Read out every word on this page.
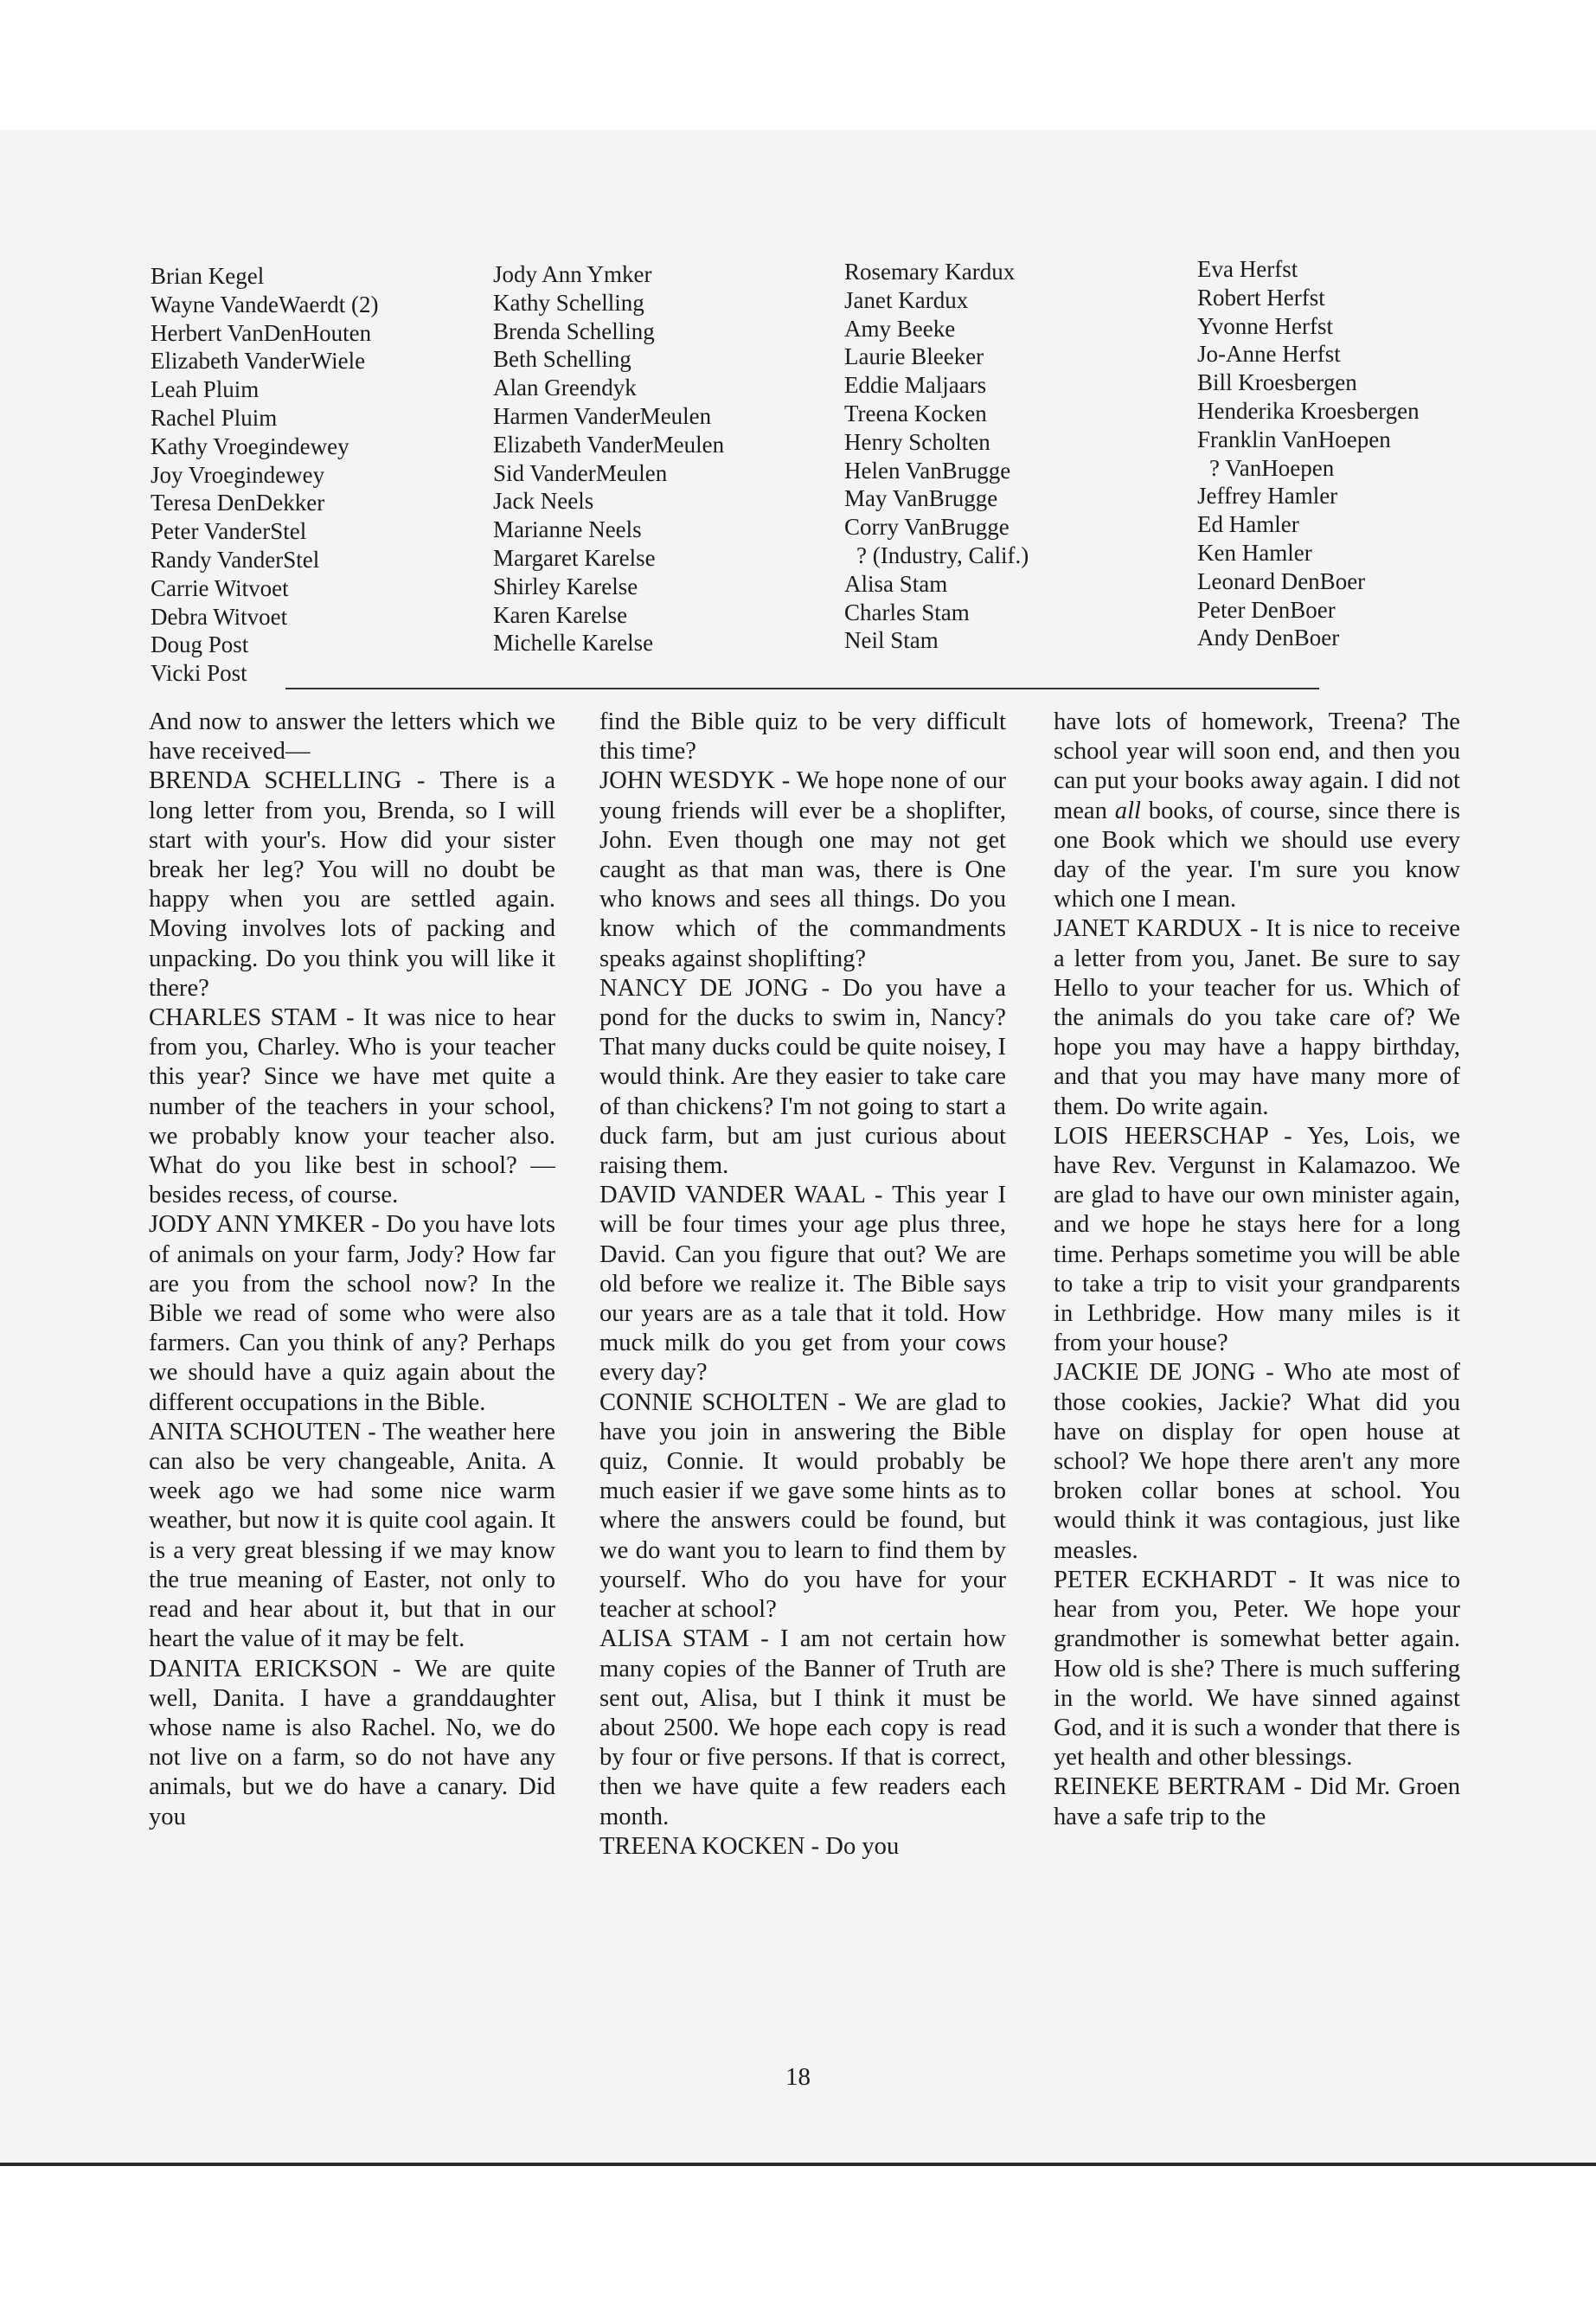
Brian Kegel
Wayne VandeWaerdt (2)
Herbert VanDenHouten
Elizabeth VanderWiele
Leah Pluim
Rachel Pluim
Kathy Vroegindewey
Joy Vroegindewey
Teresa DenDekker
Peter VanderStel
Randy VanderStel
Carrie Witvoet
Debra Witvoet
Doug Post
Vicki Post
Jody Ann Ymker
Kathy Schelling
Brenda Schelling
Beth Schelling
Alan Greendyk
Harmen VanderMeulen
Elizabeth VanderMeulen
Sid VanderMeulen
Jack Neels
Marianne Neels
Margaret Karelse
Shirley Karelse
Karen Karelse
Michelle Karelse
Rosemary Kardux
Janet Kardux
Amy Beeke
Laurie Bleeker
Eddie Maljaars
Treena Kocken
Henry Scholten
Helen VanBrugge
May VanBrugge
Corry VanBrugge
? (Industry, Calif.)
Alisa Stam
Charles Stam
Neil Stam
Eva Herfst
Robert Herfst
Yvonne Herfst
Jo-Anne Herfst
Bill Kroesbergen
Henderika Kroesbergen
Franklin VanHoepen
? VanHoepen
Jeffrey Hamler
Ed Hamler
Ken Hamler
Leonard DenBoer
Peter DenBoer
Andy DenBoer

And now to answer the letters which we have received—

BRENDA SCHELLING - There is a long letter from you, Brenda, so I will start with your's. How did your sister break her leg? You will no doubt be happy when you are settled again. Moving involves lots of packing and unpacking. Do you think you will like it there?

CHARLES STAM - It was nice to hear from you, Charley. Who is your teacher this year? Since we have met quite a number of the teachers in your school, we probably know your teacher also. What do you like best in school? —besides recess, of course.

JODY ANN YMKER - Do you have lots of animals on your farm, Jody? How far are you from the school now? In the Bible we read of some who were also farmers. Can you think of any? Perhaps we should have a quiz again about the different occupations in the Bible.

ANITA SCHOUTEN - The weather here can also be very changeable, Anita. A week ago we had some nice warm weather, but now it is quite cool again. It is a very great blessing if we may know the true meaning of Easter, not only to read and hear about it, but that in our heart the value of it may be felt.

DANITA ERICKSON - We are quite well, Danita. I have a granddaughter whose name is also Rachel. No, we do not live on a farm, so do not have any animals, but we do have a canary. Did you

find the Bible quiz to be very difficult this time?

JOHN WESDYK - We hope none of our young friends will ever be a shoplifter, John. Even though one may not get caught as that man was, there is One who knows and sees all things. Do you know which of the commandments speaks against shoplifting?

NANCY DE JONG - Do you have a pond for the ducks to swim in, Nancy? That many ducks could be quite noisey, I would think. Are they easier to take care of than chickens? I'm not going to start a duck farm, but am just curious about raising them.

DAVID VANDER WAAL - This year I will be four times your age plus three, David. Can you figure that out? We are old before we realize it. The Bible says our years are as a tale that it told. How muck milk do you get from your cows every day?

CONNIE SCHOLTEN - We are glad to have you join in answering the Bible quiz, Connie. It would probably be much easier if we gave some hints as to where the answers could be found, but we do want you to learn to find them by yourself. Who do you have for your teacher at school?

ALISA STAM - I am not certain how many copies of the Banner of Truth are sent out, Alisa, but I think it must be about 2500. We hope each copy is read by four or five persons. If that is correct, then we have quite a few readers each month.

TREENA KOCKEN - Do you

have lots of homework, Treena? The school year will soon end, and then you can put your books away again. I did not mean all books, of course, since there is one Book which we should use every day of the year. I'm sure you know which one I mean.

JANET KARDUX - It is nice to receive a letter from you, Janet. Be sure to say Hello to your teacher for us. Which of the animals do you take care of? We hope you may have a happy birthday, and that you may have many more of them. Do write again.

LOIS HEERSCHAP - Yes, Lois, we have Rev. Vergunst in Kalamazoo. We are glad to have our own minister again, and we hope he stays here for a long time. Perhaps sometime you will be able to take a trip to visit your grandparents in Lethbridge. How many miles is it from your house?

JACKIE DE JONG - Who ate most of those cookies, Jackie? What did you have on display for open house at school? We hope there aren't any more broken collar bones at school. You would think it was contagious, just like measles.

PETER ECKHARDT - It was nice to hear from you, Peter. We hope your grandmother is somewhat better again. How old is she? There is much suffering in the world. We have sinned against God, and it is such a wonder that there is yet health and other blessings.

REINEKE BERTRAM - Did Mr. Groen have a safe trip to the

18
